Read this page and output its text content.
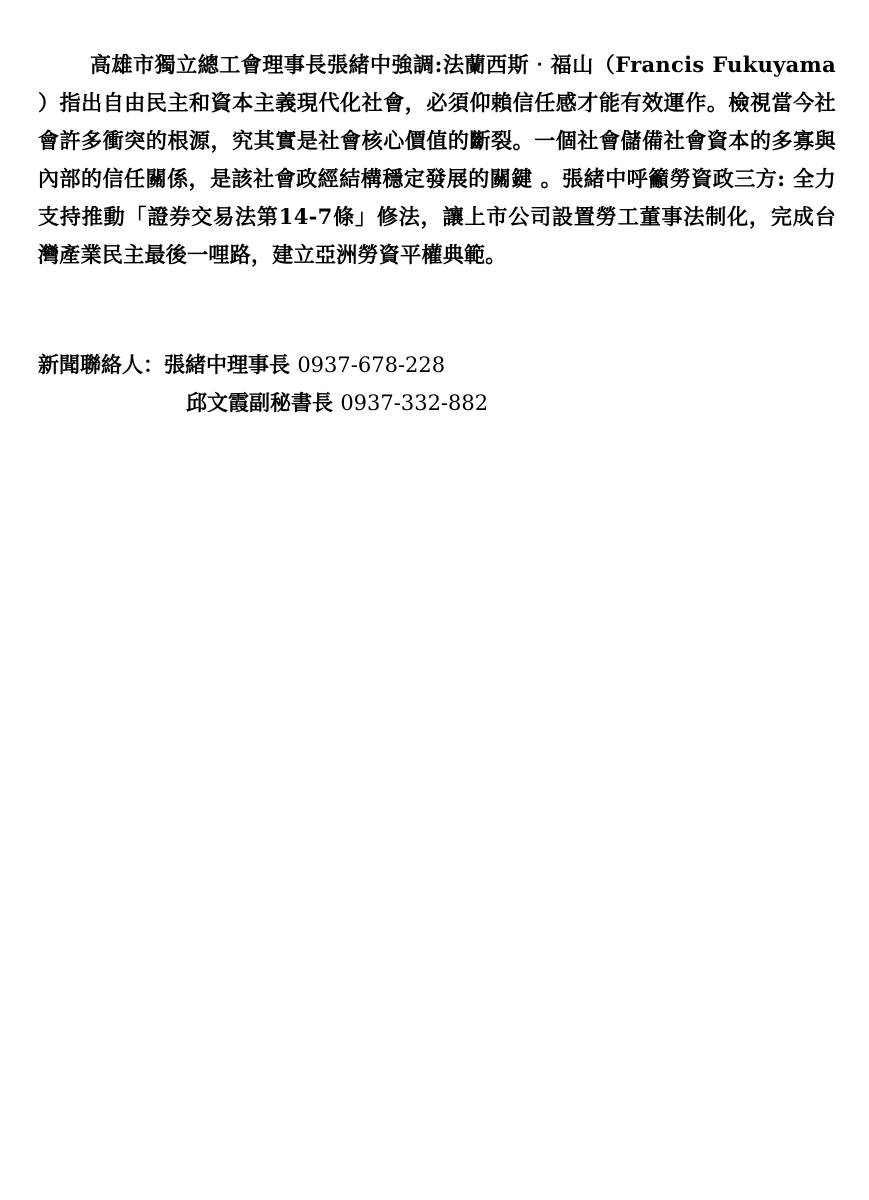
高雄市獨立總工會理事長張緒中強調:法蘭西斯‧福山（Francis Fukuyama ）指出自由民主和資本主義現代化社會，必須仰賴信任感才能有效運作。檢視當今社會許多衝突的根源，究其實是社會核心價值的斷裂。一個社會儲備社會資本的多寡與內部的信任關係，是該社會政經結構穩定發展的關鍵 。張緒中呼籲勞資政三方: 全力支持推動「證券交易法第14-7條」修法，讓上市公司設置勞工董事法制化，完成台灣產業民主最後一哩路，建立亞洲勞資平權典範。

新聞聯絡人：張緒中理事長 0937-678-228
邱文霞副秘書長 0937-332-882
